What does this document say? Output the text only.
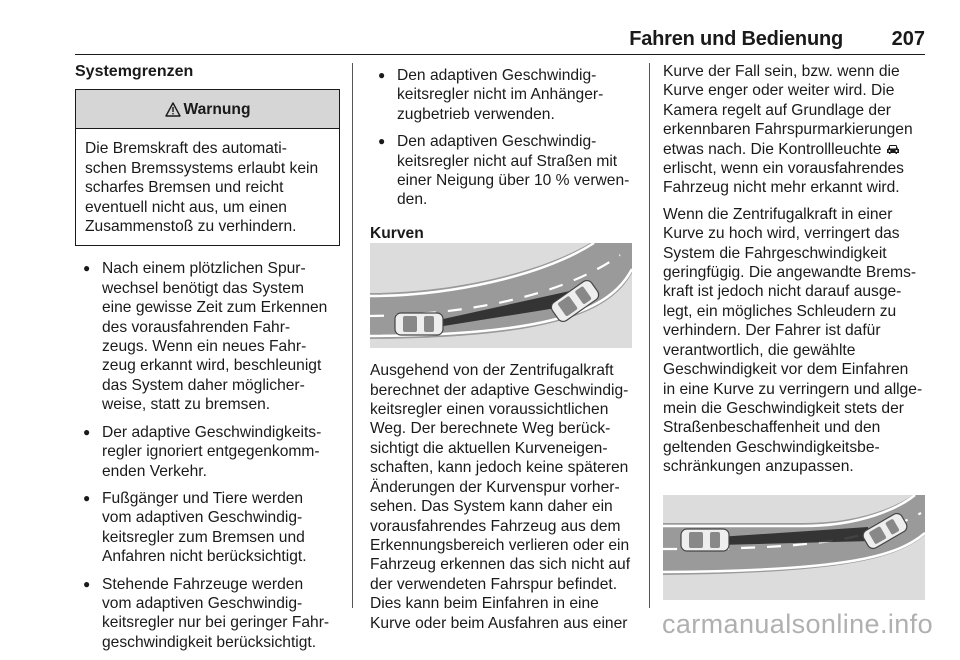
Fahren und Bedienung 207

Systemgrenzen

Warnung

Die Bremskraft des automati-

schen Bremssystems erlaubt kein

scharfes Bremsen und reicht

eventuell nicht aus, um einen

Zusammenstoß zu verhindern.

● Nach einem plötzlichen Spur-

wechsel benötigt das System

eine gewisse Zeit zum Erkennen

des vorausfahrenden Fahr-

zeugs. Wenn ein neues Fahr-

zeug erkannt wird, beschleunigt

das System daher möglicher-

weise, statt zu bremsen.

● Der adaptive Geschwindigkeits-

regler ignoriert entgegenkomm-

enden Verkehr.

● Fußgänger und Tiere werden

vom adaptiven Geschwindig-

keitsregler zum Bremsen und

Anfahren nicht berücksichtigt.

● Stehende Fahrzeuge werden

vom adaptiven Geschwindig-

keitsregler nur bei geringer Fahr-

geschwindigkeit berücksichtigt.

● Den adaptiven Geschwindig-

keitsregler nicht im Anhänger-

zugbetrieb verwenden.

● Den adaptiven Geschwindig-

keitsregler nicht auf Straßen mit

einer Neigung über 10 % verwen-

den.

Kurven

Ausgehend von der Zentrifugalkraft

berechnet der adaptive Geschwindig-

keitsregler einen voraussichtlichen

Weg. Der berechnete Weg berück-

sichtigt die aktuellen Kurveneigen-

schaften, kann jedoch keine späteren

Änderungen der Kurvenspur vorher-

sehen. Das System kann daher ein

vorausfahrendes Fahrzeug aus dem

Erkennungsbereich verlieren oder ein

Fahrzeug erkennen das sich nicht auf

der verwendeten Fahrspur befindet.

Dies kann beim Einfahren in eine

Kurve oder beim Ausfahren aus einer

Kurve der Fall sein, bzw. wenn die

Kurve enger oder weiter wird. Die

Kamera regelt auf Grundlage der

erkennbaren Fahrspurmarkierungen

etwas nach. Die Kontrollleuchte

erlischt, wenn ein vorausfahrendes

Fahrzeug nicht mehr erkannt wird.

Wenn die Zentrifugalkraft in einer

Kurve zu hoch wird, verringert das

System die Fahrgeschwindigkeit

geringfügig. Die angewandte Brems-

kraft ist jedoch nicht darauf ausge-

legt, ein mögliches Schleudern zu

verhindern. Der Fahrer ist dafür

verantwortlich, die gewählte

Geschwindigkeit vor dem Einfahren

in eine Kurve zu verringern und allge-

mein die Geschwindigkeit stets der

Straßenbeschaffenheit und den

geltenden Geschwindigkeitsbe-

schränkungen anzupassen.

carmanualsonline.info
